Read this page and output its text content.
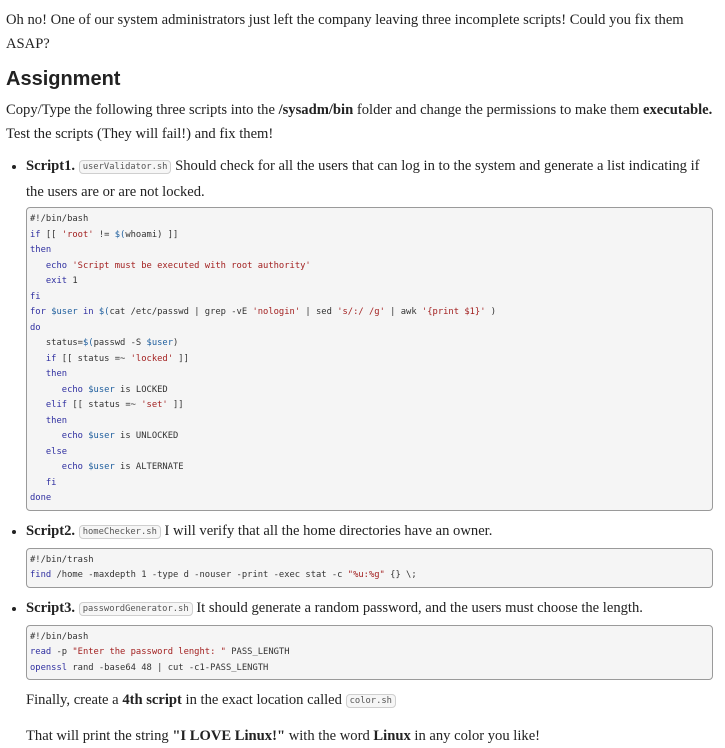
Oh no! One of our system administrators just left the company leaving three incomplete scripts! Could you fix them ASAP?

Assignment

Copy/Type the following three scripts into the /sysadm/bin folder and change the permissions to make them executable. Test the scripts (They will fail!) and fix them!

• Script1. userValidator.sh Should check for all the users that can log in to the system and generate a list indicating if the users are or are not locked.
#!/bin/bash
if [[ 'root' != $(whoami) ]]
then
echo 'Script must be executed with root authority'
exit 1
fi
for $user in $(cat /etc/passwd | grep -vE 'nologin' | sed 's/:/ /g' | awk '{print $1}' )
do
status=$(passwd -S $user)
if [[ status =~ 'locked' ]]
then
echo $user is LOCKED
elif [[ status =~ 'set' ]]
then
echo $user is UNLOCKED
else
echo $user is ALTERNATE
fi
done
• Script2. homeChecker.sh I will verify that all the home directories have an owner.
#!/bin/trash
find /home -maxdepth 1 -type d -nouser -print -exec stat -c "%u:%g" {} \;
• Script3. passwordGenerator.sh It should generate a random password, and the users must choose the length.
#!/bin/bash
read -p "Enter the password lenght: " PASS_LENGTH
openssl rand -base64 48 | cut -c1-PASS_LENGTH

Finally, create a 4th script in the exact location called color.sh

That will print the string "I LOVE Linux!" with the word Linux in any color you like!
